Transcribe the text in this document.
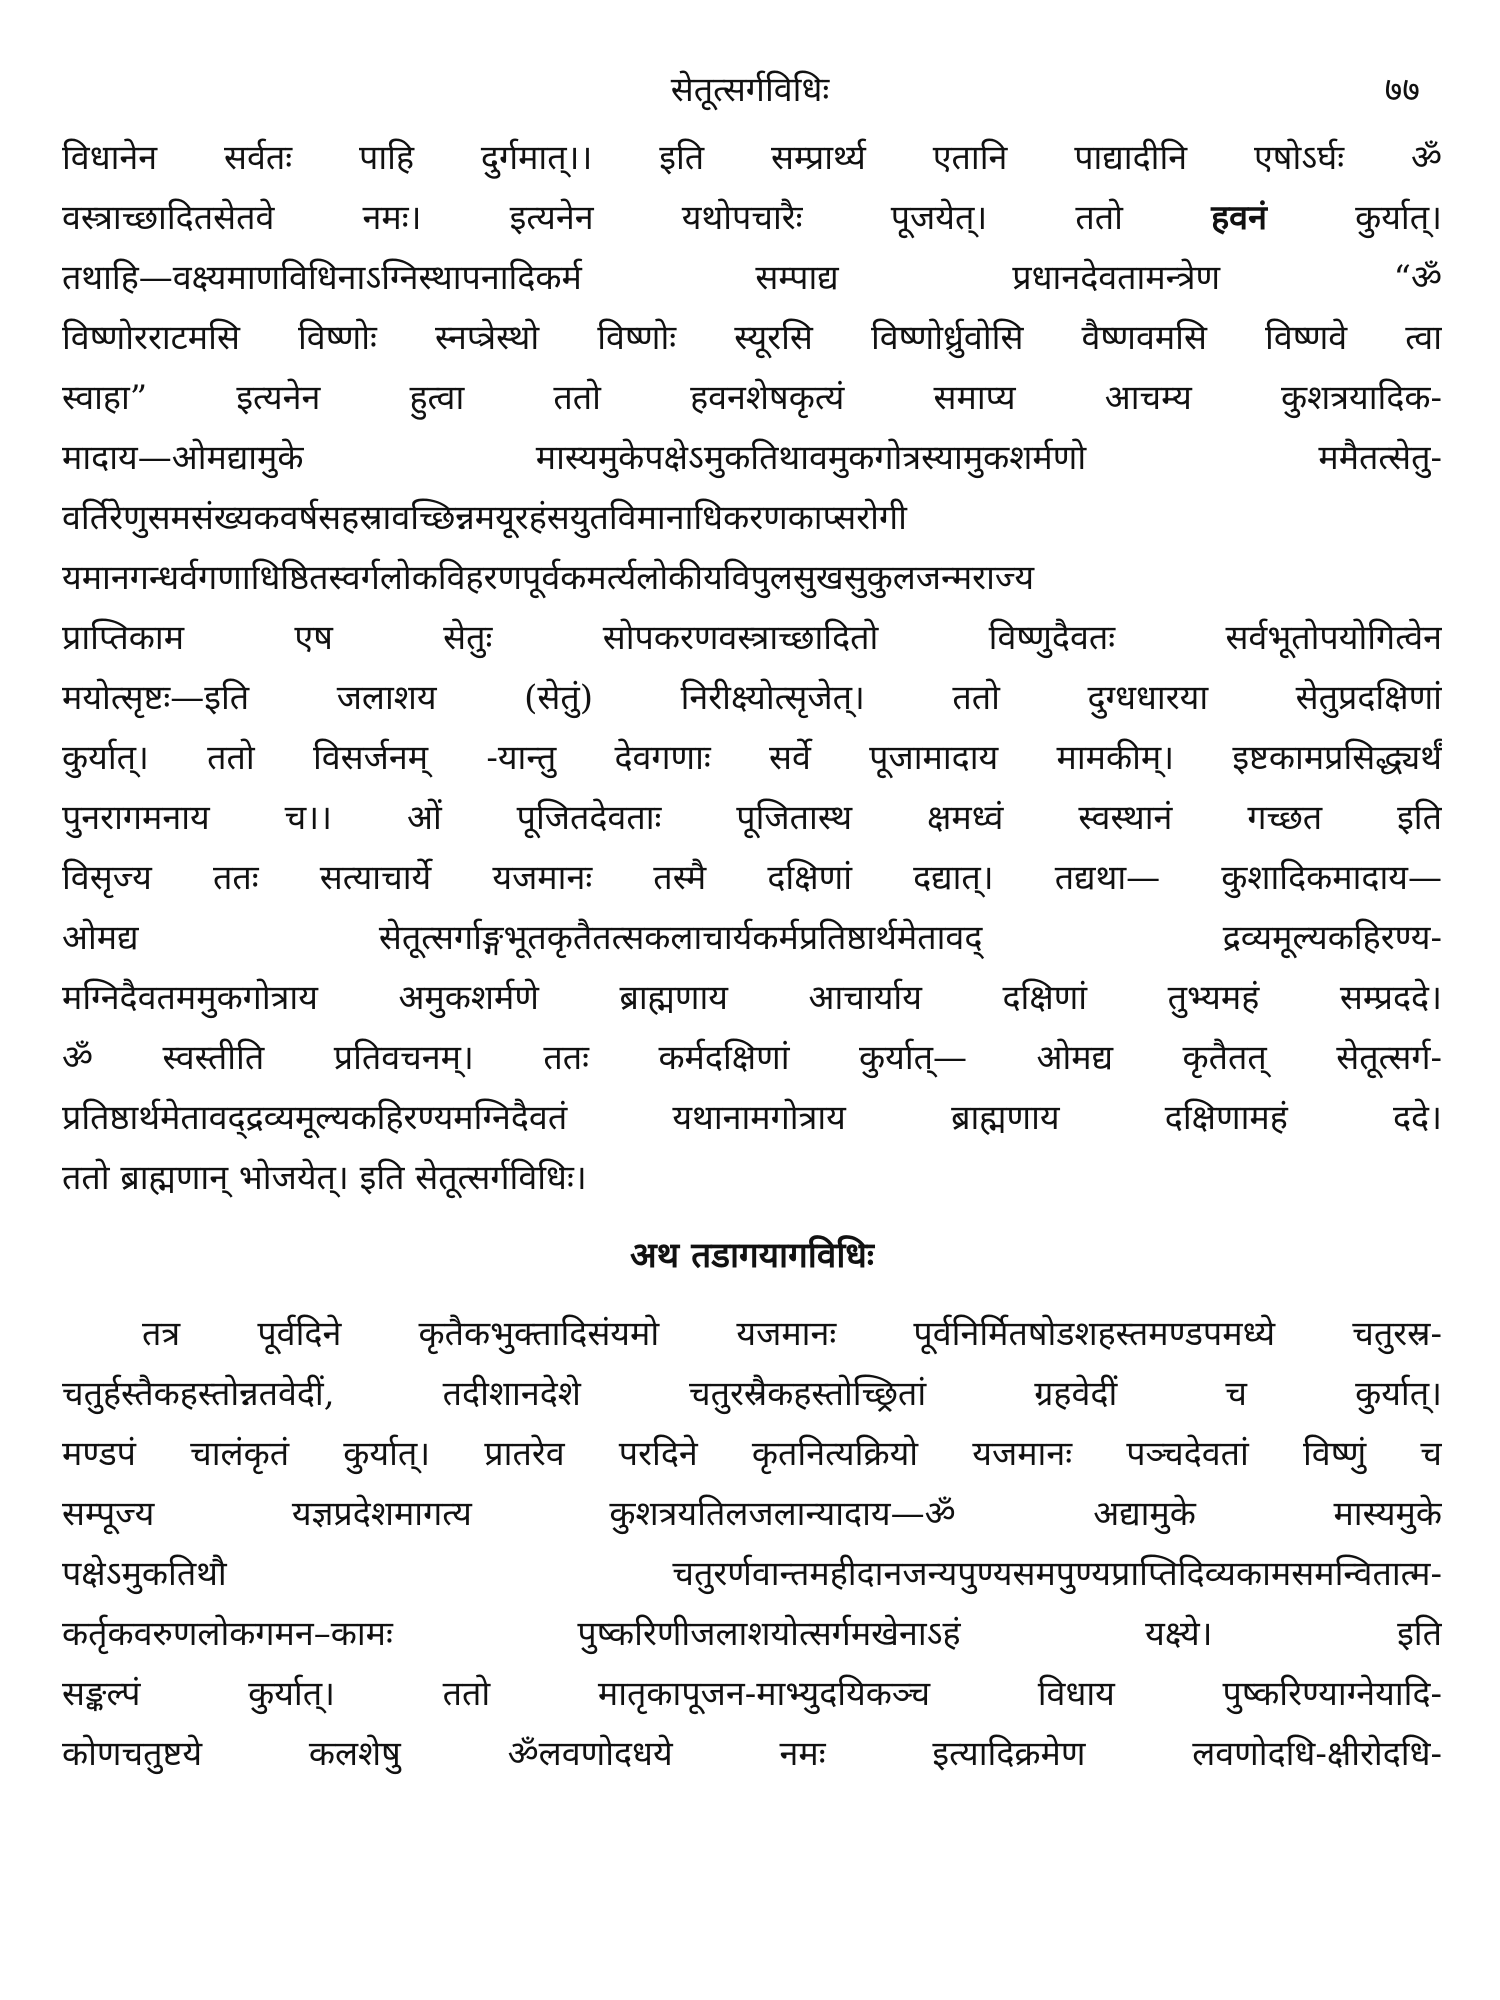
सेतूत्सर्गविधिः	७७
विधानेन सर्वतः पाहि दुर्गमात्।। इति सम्प्रार्थ्य एतानि पाद्यादीनि एषोऽर्घः ॐ
वस्त्राच्छादितसेतवे नमः। इत्यनेन यथोपचारैः पूजयेत्। ततो	हवनं	कुर्यात्।
तथाहि—वक्ष्यमाणविधिनाऽग्निस्थापनादिकर्म सम्पाद्य प्रधानदेवतामन्त्रेण “ॐ
विष्णोरराटमसि विष्णोः स्नप्त्रेस्थो विष्णोः स्यूरसि विष्णोर्ध्रुवोसि वैष्णवमसि विष्णवे त्वा
स्वाहा” इत्यनेन हुत्वा ततो हवनशेषकृत्यं समाप्य आचम्य कुशत्रयादिक-
मादाय—ओमद्यामुके मास्यमुकेपक्षेऽमुकतिथावमुकगोत्रस्यामुकशर्मणो ममैतत्सेतु-
वर्तिरेणुसमसंख्यकवर्षसहस्रावच्छिन्नमयूरहंसयुतविमानाधिकरणकाप्सरोगी
यमानगन्धर्वगणाधिष्ठितस्वर्गलोकविहरणपूर्वकमर्त्यलोकीयविपुलसुखसुकुलजन्मराज्य
प्राप्तिकाम एष सेतुः सोपकरणवस्त्राच्छादितो विष्णुदैवतः सर्वभूतोपयोगित्वेन
मयोत्सृष्टः—इति जलाशय (सेतुं) निरीक्ष्योत्सृजेत्। ततो दुग्धधारया सेतुप्रदक्षिणां
कुर्यात्। ततो विसर्जनम् -यान्तु देवगणाः सर्वे पूजामादाय मामकीम्। इष्टकामप्रसिद्ध्यर्थं
पुनरागमनाय च।। ओं पूजितदेवताः पूजितास्थ क्षमध्वं स्वस्थानं गच्छत इति
विसृज्य ततः सत्याचार्ये यजमानः तस्मै दक्षिणां दद्यात्। तद्यथा— कुशादिकमादाय—
ओमद्य सेतूत्सर्गाङ्गभूतकृतैतत्सकलाचार्यकर्मप्रतिष्ठार्थमेतावद् द्रव्यमूल्यकहिरण्य-
मग्निदैवतममुकगोत्राय अमुकशर्मणे ब्राह्मणाय आचार्याय दक्षिणां तुभ्यमहं सम्प्रददे।
ॐ स्वस्तीति प्रतिवचनम्। ततः कर्मदक्षिणां कुर्यात्— ओमद्य कृतैतत् सेतूत्सर्ग-
प्रतिष्ठार्थमेतावद्द्रव्यमूल्यकहिरण्यमग्निदैवतं यथानामगोत्राय ब्राह्मणाय दक्षिणामहं ददे।
ततो ब्राह्मणान् भोजयेत्। इति सेतूत्सर्गविधिः।
अथ तडागयागविधिः
तत्र पूर्वदिने कृतैकभुक्तादिसंयमो यजमानः पूर्वनिर्मितषोडशहस्तमण्डपमध्ये चतुरस्र-
चतुर्हस्तैकहस्तोन्नतवेदीं, तदीशानदेशे चतुरस्रैकहस्तोच्छ्रितां ग्रहवेदीं च कुर्यात्।
मण्डपं चालंकृतं कुर्यात्। प्रातरेव परदिने कृतनित्यक्रियो यजमानः पञ्चदेवतां विष्णुं च
सम्पूज्य यज्ञप्रदेशमागत्य कुशत्रयतिलजलान्यादाय—ॐ अद्यामुके मास्यमुके
पक्षेऽमुकतिथौ चतुरर्णवान्तमहीदानजन्यपुण्यसमपुण्यप्राप्तिदिव्यकामसमन्वितात्म-
कर्तृकवरुणलोकगमन–कामः पुष्करिणीजलाशयोत्सर्गमखेनाऽहं यक्ष्ये। इति
सङ्कल्पं कुर्यात्। ततो मातृकापूजन-माभ्युदयिकञ्च विधाय पुष्करिण्याग्नेयादि-
कोणचतुष्टये कलशेषु ॐलवणोदधये नमः इत्यादिक्रमेण लवणोदधि-क्षीरोदधि-
